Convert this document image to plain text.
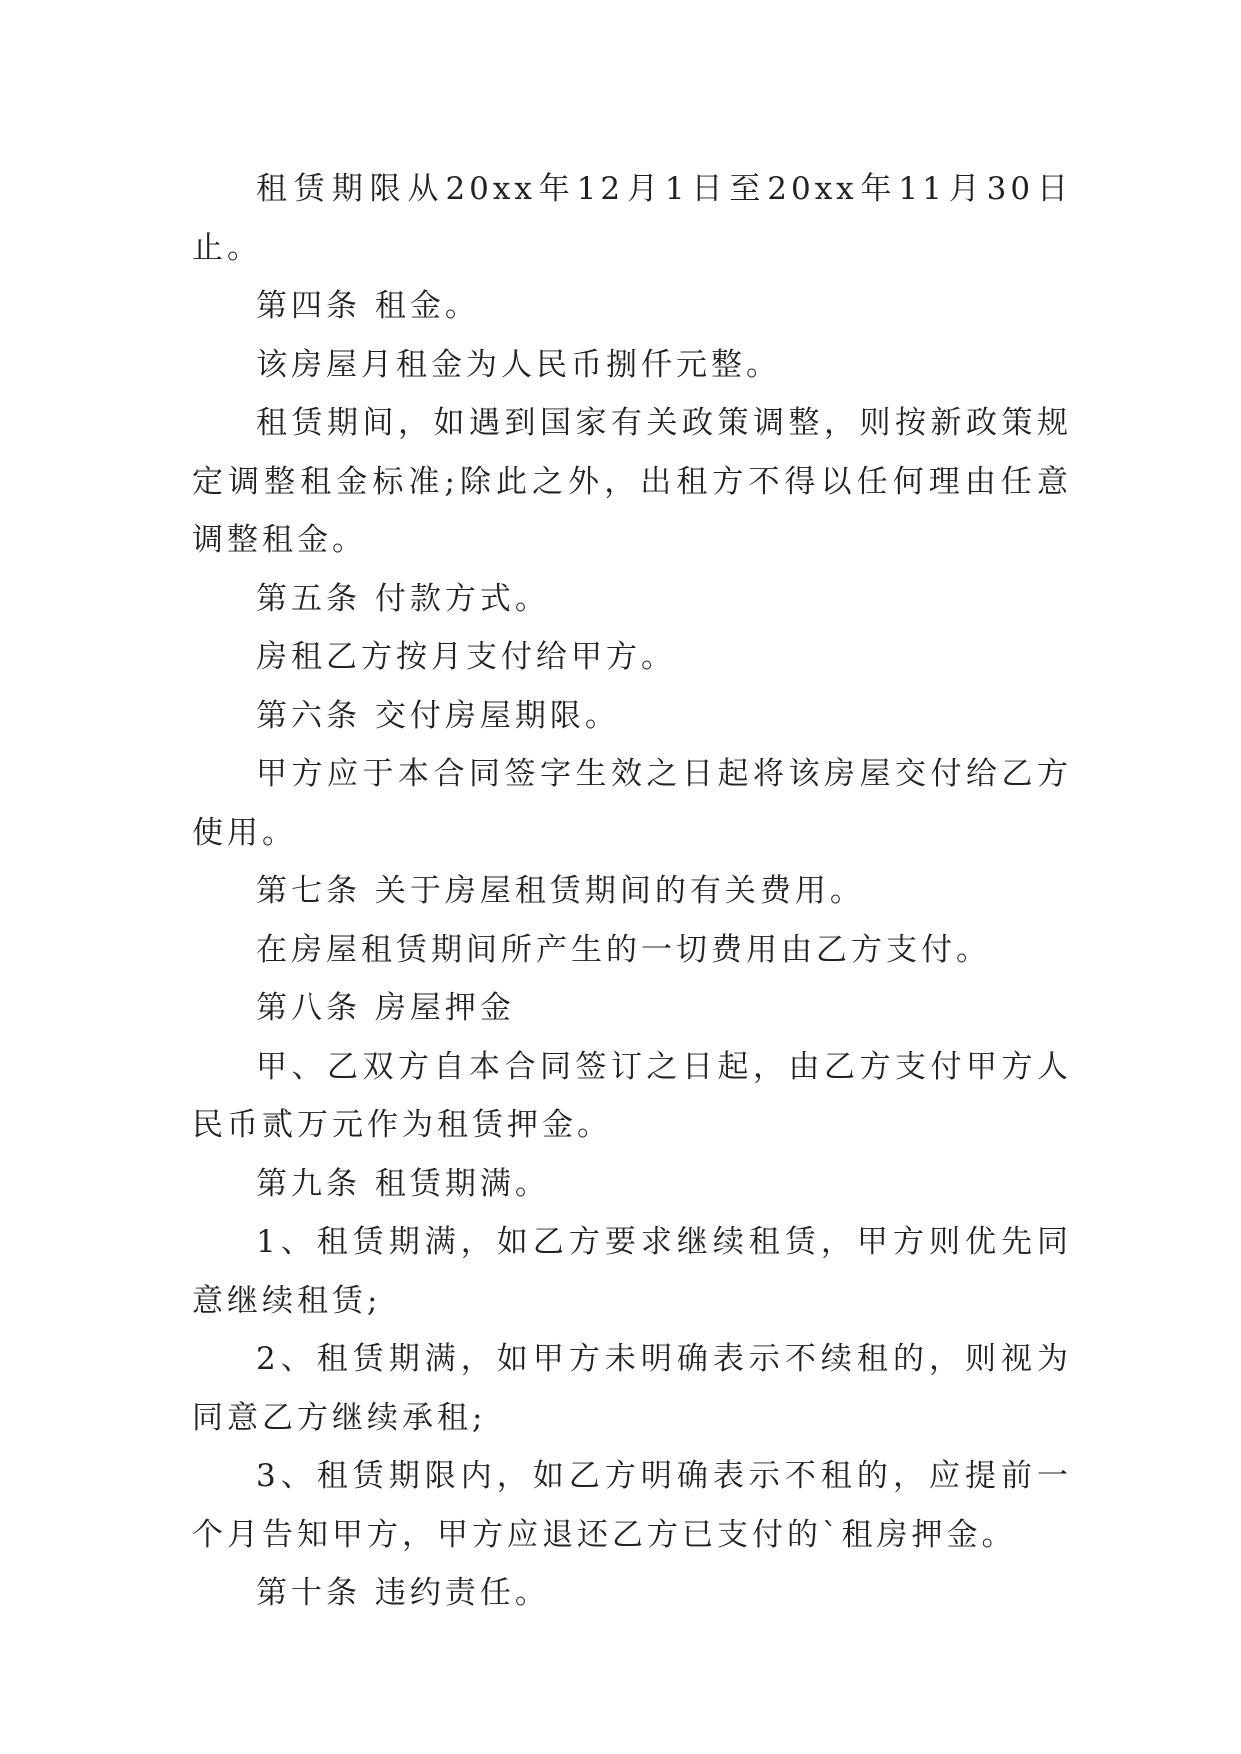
租赁期限从20xx年12月1日至20xx年11月30日止。

第四条 租金。

该房屋月租金为人民币捌仟元整。

租赁期间，如遇到国家有关政策调整，则按新政策规定调整租金标准;除此之外，出租方不得以任何理由任意调整租金。

第五条 付款方式。

房租乙方按月支付给甲方。

第六条 交付房屋期限。

甲方应于本合同签字生效之日起将该房屋交付给乙方使用。

第七条 关于房屋租赁期间的有关费用。

在房屋租赁期间所产生的一切费用由乙方支付。

第八条 房屋押金

甲、乙双方自本合同签订之日起，由乙方支付甲方人民币贰万元作为租赁押金。

第九条 租赁期满。

1、租赁期满，如乙方要求继续租赁，甲方则优先同意继续租赁;

2、租赁期满，如甲方未明确表示不续租的，则视为同意乙方继续承租;

3、租赁期限内，如乙方明确表示不租的，应提前一个月告知甲方，甲方应退还乙方已支付的`租房押金。

第十条 违约责任。
